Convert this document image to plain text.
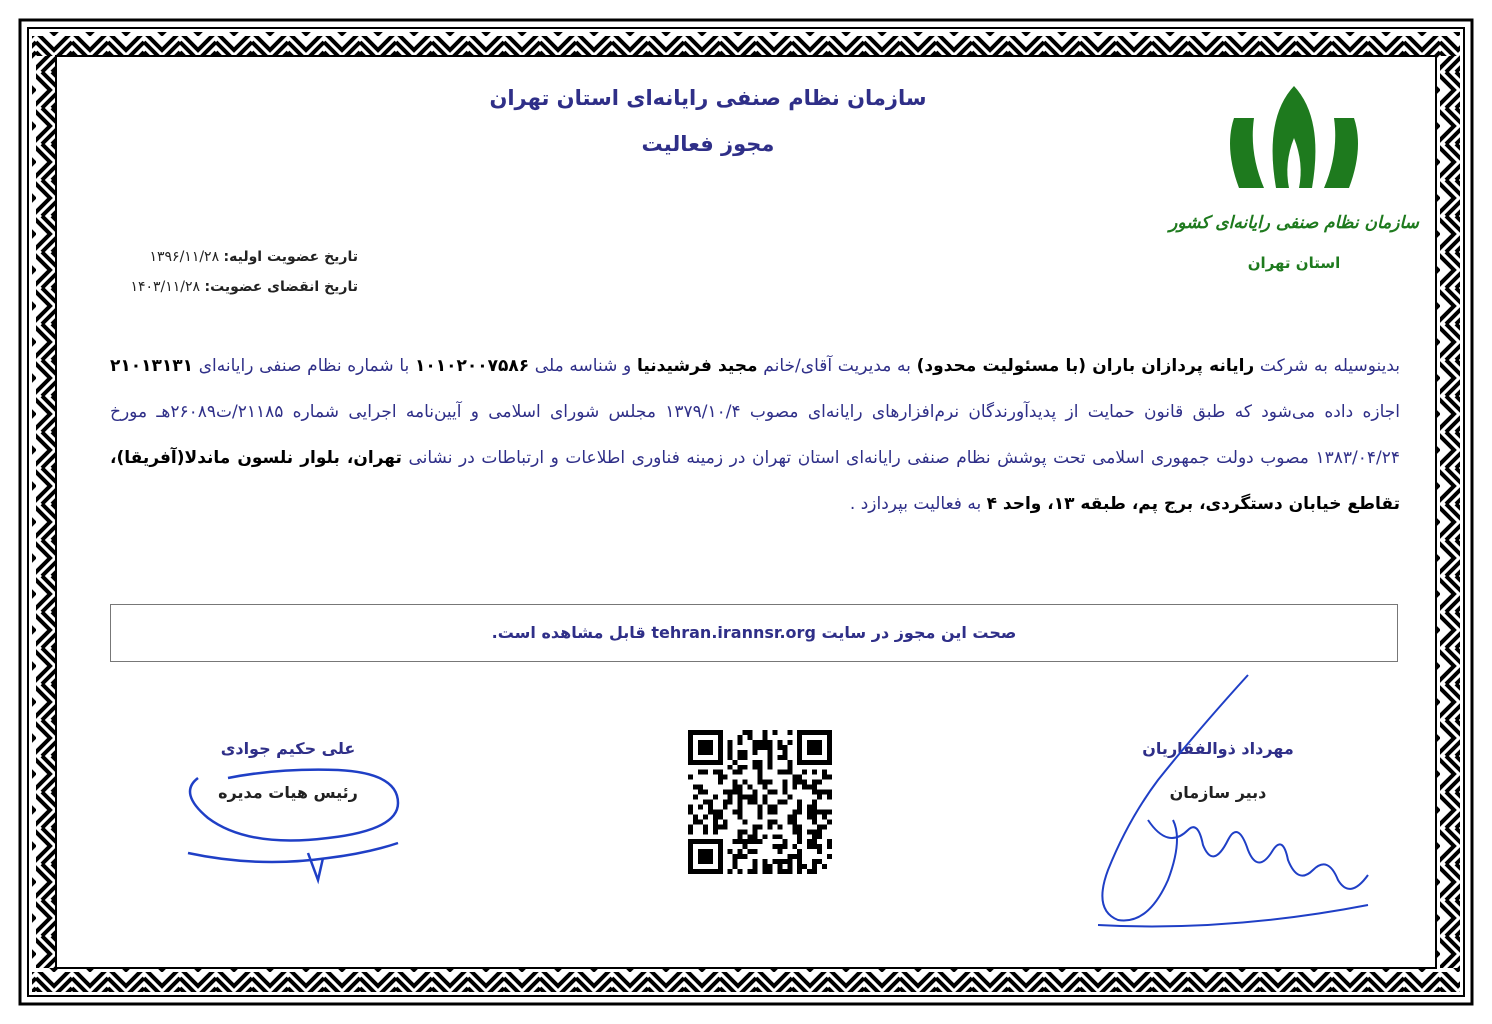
سازمان نظام صنفی رایانه‌ای استان تهران
مجوز فعالیت
سازمان نظام صنفی رایانه‌ای کشور
استان تهران
تاریخ عضویت اولیه: ۱۳۹۶/۱۱/۲۸
تاریخ انقضای عضویت: ۱۴۰۳/۱۱/۲۸
بدینوسیله به شرکت رایانه پردازان باران (با مسئولیت محدود) به مدیریت آقای/خانم مجید فرشیدنیا و شناسه ملی ۱۰۱۰۲۰۰۷۵۸۶ با شماره نظام صنفی رایانه‌ای ۲۱۰۱۳۱۳۱ اجازه داده می‌شود که طبق قانون حمایت از پدیدآورندگان نرم‌افزارهای رایانه‌ای مصوب ۱۳۷۹/۱۰/۴ مجلس شورای اسلامی و آیین‌نامه اجرایی شماره ۲۱۱۸۵/ت۲۶۰۸۹هـ مورخ ۱۳۸۳/۰۴/۲۴ مصوب دولت جمهوری اسلامی تحت پوشش نظام صنفی رایانه‌ای استان تهران در زمینه فناوری اطلاعات و ارتباطات در نشانی تهران، بلوار نلسون ماندلا(آفریقا)، تقاطع خیابان دستگردی، برج پم، طبقه ۱۳، واحد ۴ به فعالیت بپردازد .
صحت این مجوز در سایت tehran.irannsr.org قابل مشاهده است.
مهرداد ذوالفقاریان
دبیر سازمان
علی حکیم جوادی
رئیس هیات مدیره
